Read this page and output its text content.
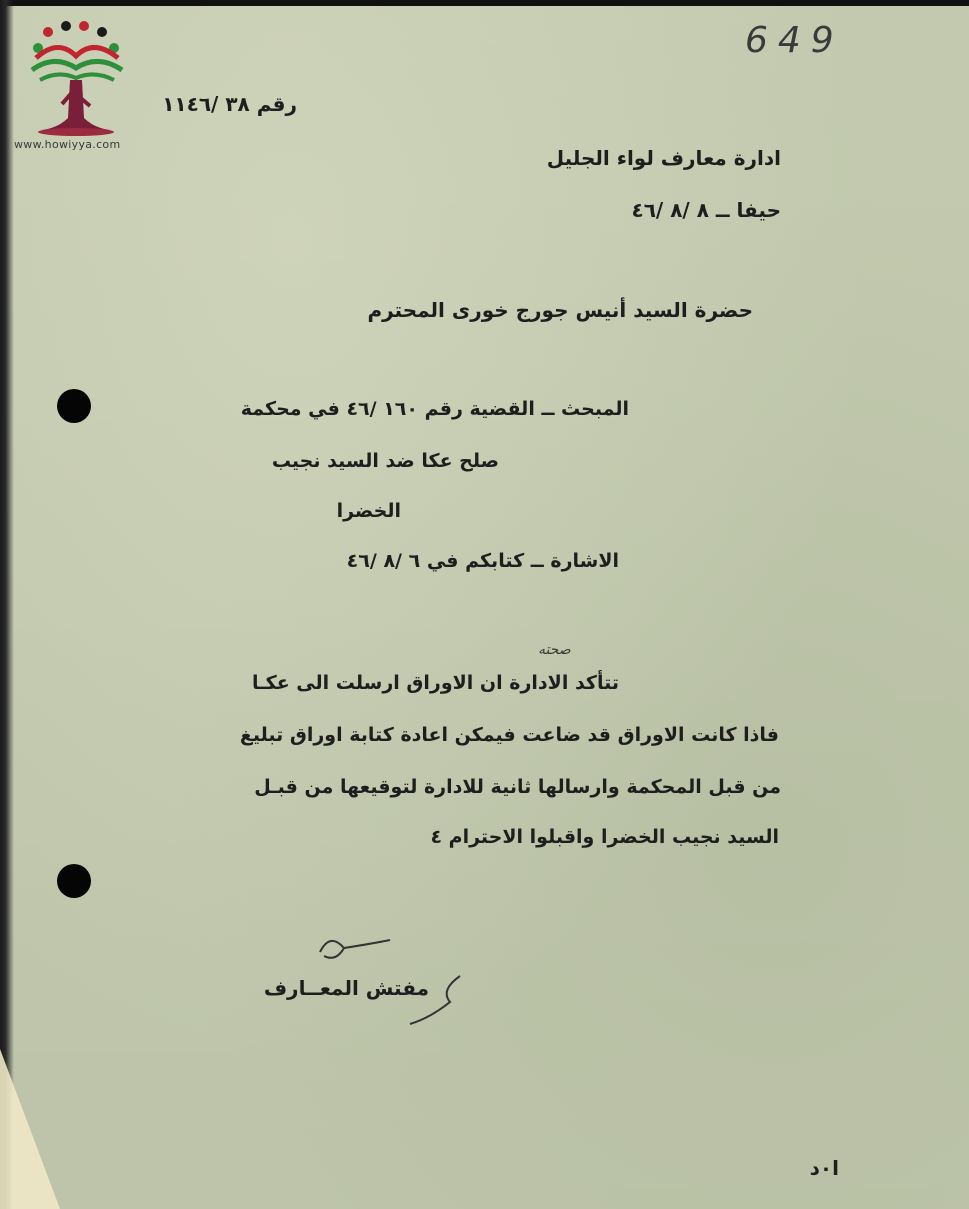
www.howiyya.com
649
رقم ٣٨ /١١٤٦
ادارة معارف لواء الجليل
حيفا ــ ٨ /٨ /٤٦
حضرة السيد أنيس جورج خورى المحترم
المبحث ــ القضية رقم ١٦٠ /٤٦ في محكمة
صلح عكا ضد السيد نجيب
الخضرا
الاشارة ــ كتابكم في ٦ /٨ /٤٦
صحته
تتأكد الادارة ان الاوراق ارسلت الى عكـا
فاذا كانت الاوراق قد ضاعت فيمكن اعادة كتابة اوراق تبليغ
من قبل المحكمة وارسالها ثانية للادارة لتوقيعها من قبـل
السيد نجيب الخضرا واقبلوا الاحترام ٤
مفتش المعــارف
ا٠د
